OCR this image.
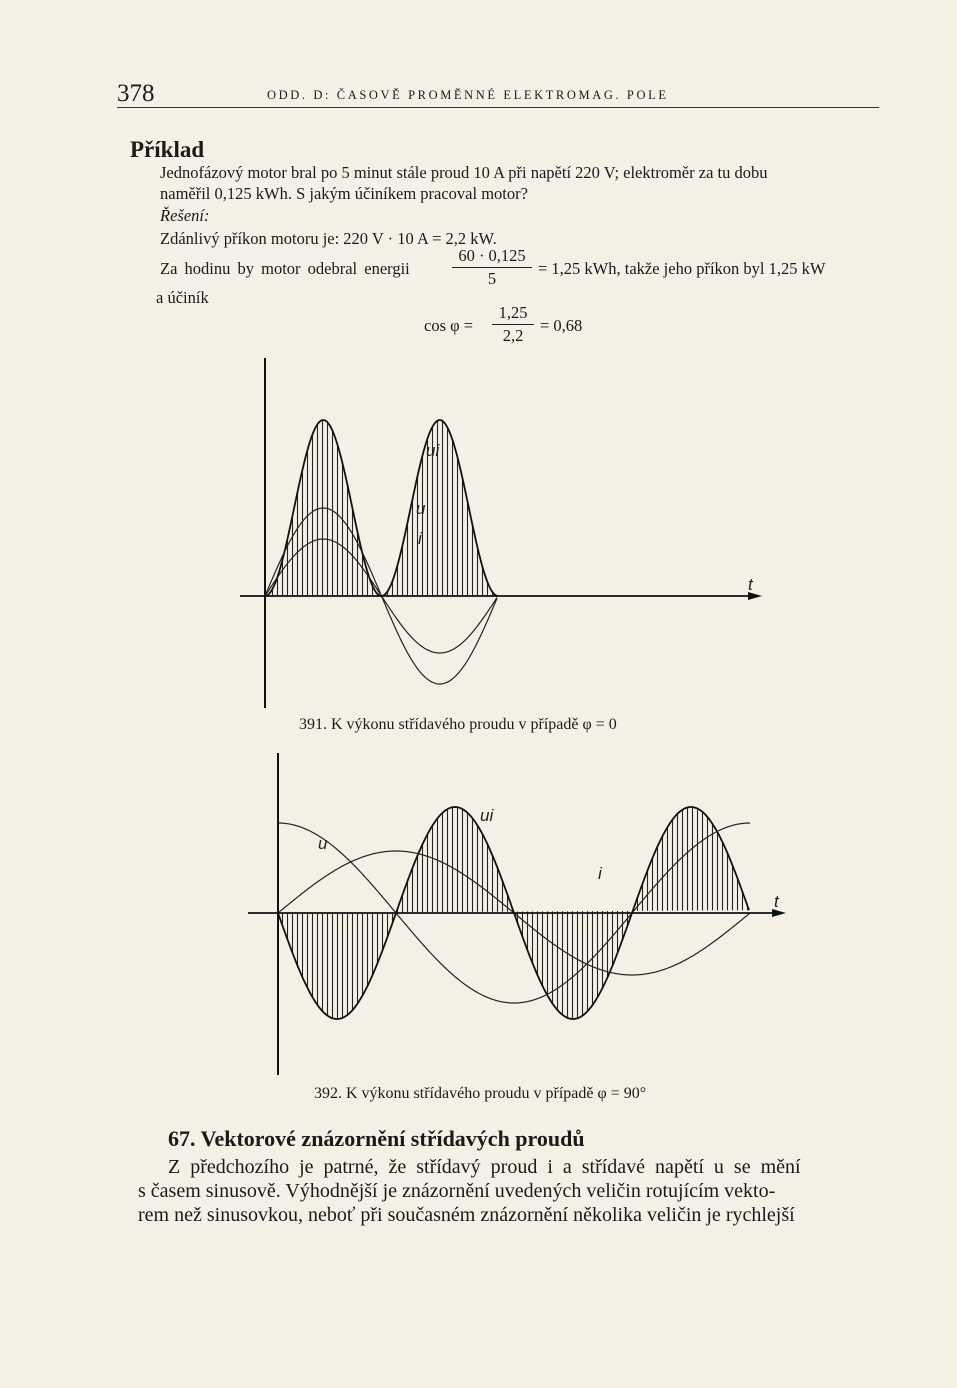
378	ODD. D: ČASOVĚ PROMĚNNÉ ELEKTROMAG. POLE
Příklad
Jednofázový motor bral po 5 minut stále proud 10 A při napětí 220 V; elektroměr za tu dobu
naměřil 0,125 kWh. S jakým účiníkem pracoval motor?
Řešení:
Zdánlivý příkon motoru je: 220 V · 10 A = 2,2 kW.
Za hodinu by motor odebral energii	$\frac{60 \cdot 0,125}{5} = 1,25$ kWh, takže jeho příkon byl 1,25 kW
a účiník
$\cos \varphi = \frac{1,25}{2,2} = 0,68$
ui
u
i
t
391. K výkonu střídavého proudu v případě φ = 0
ui
u
i
t
392. K výkonu střídavého proudu v případě φ = 90°
67. Vektorové znázornění střídavých proudů
Z předchozího je patrné, že střídavý proud i a střídavé napětí u se mění
s časem sinusově. Výhodnější je znázornění uvedených veličin rotujícím vekto-
rem než sinusovkou, neboť při současném znázornění několika veličin je rychlejší
